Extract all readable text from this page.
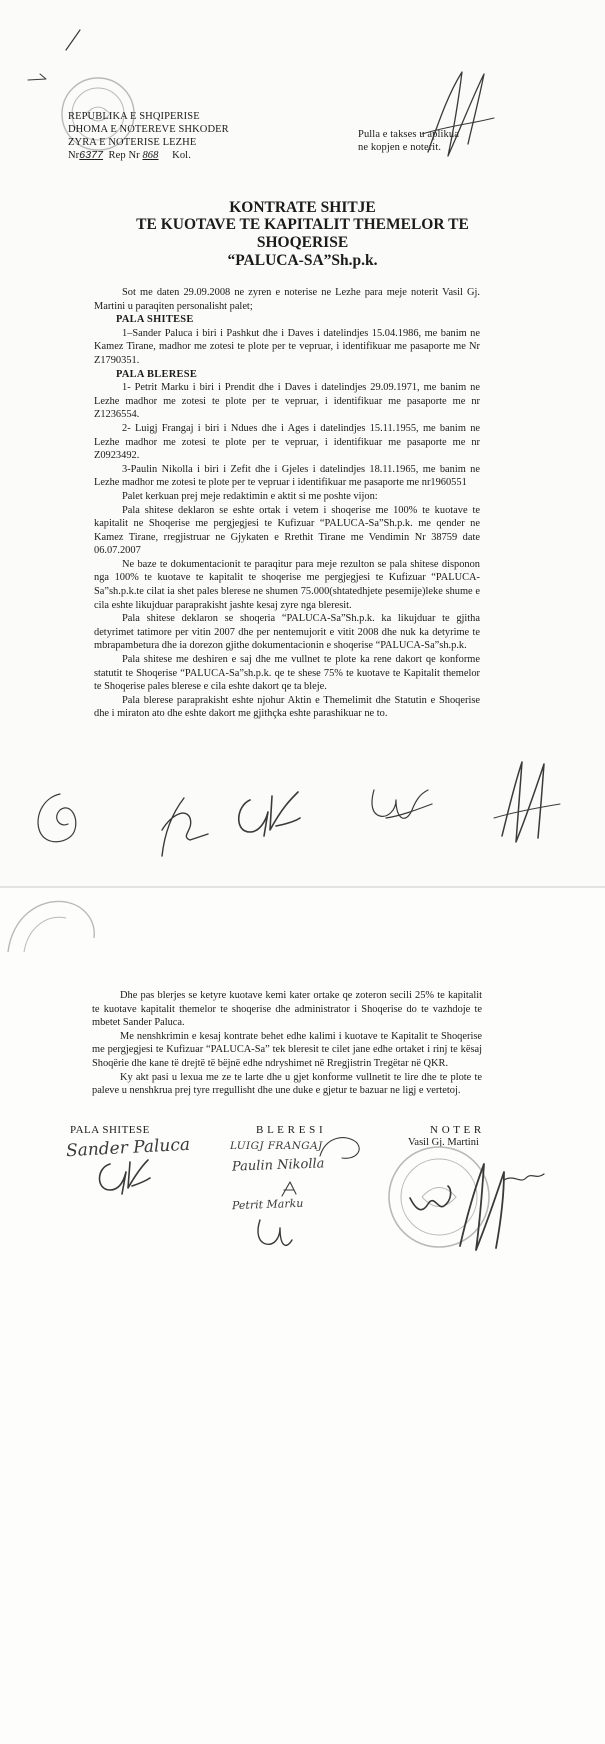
REPUBLIKA E SHQIPERISE
DHOMA E NOTEREVE SHKODER
ZYRA E NOTERISE LEZHE
Nr6377 Rep Nr 868 Kol.
Pulla e takses u aplikua
ne kopjen e noterit.
KONTRATE SHITJE
TE KUOTAVE TE KAPITALIT THEMELOR TE
SHOQERISE
“PALUCA-SA”Sh.p.k.

Sot me daten 29.09.2008 ne zyren e noterise ne Lezhe para meje noterit Vasil Gj. Martini u paraqiten personalisht palet;

PALA SHITESE

1–Sander Paluca i biri i Pashkut dhe i Daves i datelindjes 15.04.1986, me banim ne Kamez Tirane, madhor me zotesi te plote per te vepruar, i identifikuar me pasaporte me Nr Z1790351.

PALA BLERESE

1- Petrit Marku i biri i Prendit dhe i Daves i datelindjes 29.09.1971, me banim ne Lezhe madhor me zotesi te plote per te vepruar, i identifikuar me pasaporte me nr Z1236554.

2- Luigj Frangaj i biri i Ndues dhe i Ages i datelindjes 15.11.1955, me banim ne Lezhe madhor me zotesi te plote per te vepruar, i identifikuar me pasaporte me nr Z0923492.

3-Paulin Nikolla i biri i Zefit dhe i Gjeles i datelindjes 18.11.1965, me banim ne Lezhe madhor me zotesi te plote per te vepruar i identifikuar me pasaporte me nr1960551

Palet kerkuan prej meje redaktimin e aktit si me poshte vijon:

Pala shitese deklaron se eshte ortak i vetem i shoqerise me 100% te kuotave te kapitalit ne Shoqerise me pergjegjesi te Kufizuar “PALUCA-Sa”Sh.p.k. me qender ne Kamez Tirane, rregjistruar ne Gjykaten e Rrethit Tirane me Vendimin Nr 38759 date 06.07.2007

Ne baze te dokumentacionit te paraqitur para meje rezulton se pala shitese disponon nga 100% te kuotave te kapitalit te shoqerise me pergjegjesi te Kufizuar “PALUCA-Sa”sh.p.k.te cilat ia shet pales blerese ne shumen 75.000(shtatedhjete pesemije)leke shume e cila eshte likujduar paraprakisht jashte kesaj zyre nga bleresit.

Pala shitese deklaron se shoqeria “PALUCA-Sa”Sh.p.k. ka likujduar te gjitha detyrimet tatimore per vitin 2007 dhe per nentemujorit e vitit 2008 dhe nuk ka detyrime te mbrapambetura dhe ia dorezon gjithe dokumentacionin e shoqerise “PALUCA-Sa”sh.p.k.

Pala shitese me deshiren e saj dhe me vullnet te plote ka rene dakort qe konforme statutit te Shoqerise “PALUCA-Sa”sh.p.k. qe te shese 75% te kuotave te Kapitalit themelor te Shoqerise pales blerese e cila eshte dakort qe ta bleje.

Pala blerese paraprakisht eshte njohur Aktin e Themelimit dhe Statutin e Shoqerise dhe i miraton ato dhe eshte dakort me gjithçka eshte parashikuar ne to.

Dhe pas blerjes se ketyre kuotave kemi kater ortake qe zoteron secili 25% te kapitalit te kuotave kapitalit themelor te shoqerise dhe administrator i Shoqerise do te vazhdoje te mbetet Sander Paluca.

Me nenshkrimin e kesaj kontrate behet edhe kalimi i kuotave te Kapitalit te Shoqerise me pergjegjesi te Kufizuar “PALUCA-Sa” tek bleresit te cilet jane edhe ortaket i rinj te kësaj Shoqërie dhe kane të drejtë të bëjnë edhe ndryshimet në Rregjistrin Tregëtar në QKR.

Ky akt pasi u lexua me ze te larte dhe u gjet konforme vullnetit te lire dhe te plote te paleve u nenshkrua prej tyre rregullisht dhe une duke e gjetur te bazuar ne ligj e vertetoj.

PALA SHITESE	B L E R E S I	N O T E R
Vasil Gj. Martini
Sander Paluca	LUIGJ FRANGAJ
Paulin Nikolla
Petrit Marku
